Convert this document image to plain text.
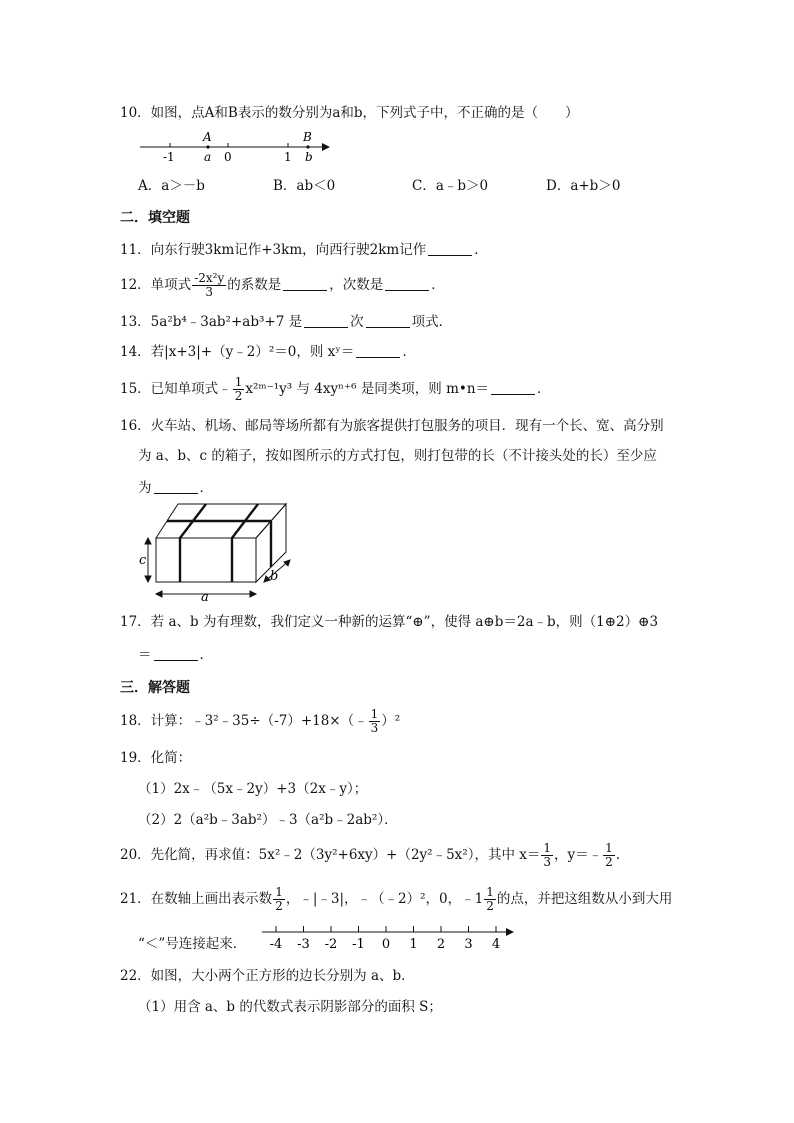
10．如图，点A和B表示的数分别为a和b，下列式子中，不正确的是（　　）
A	B
a	b
-1	0	1
A．a＞－b	B．ab＜0	C．a﹣b＞0	D．a+b＞0
二．填空题
11．向东行驶3km记作+3km，向西行驶2km记作	．
12．单项式 $\frac{\text{-2x²y}}{3}$ 的系数是	，次数是	．
13．5a²b⁴﹣3ab²+ab³+7 是	次	项式．
14．若|x+3|+（y﹣2）²＝0，则 xʸ＝	．
15．已知单项式﹣ $\frac{1}{2}$ x²ᵐ⁻¹y³ 与 4xyⁿ⁺⁶ 是同类项，则 m•n＝	．
16．火车站、机场、邮局等场所都有为旅客提供打包服务的项目．现有一个长、宽、高分别
为 a、b、c 的箱子，按如图所示的方式打包，则打包带的长（不计接头处的长）至少应
为	．
c
a
b
17．若 a、b 为有理数，我们定义一种新的运算“⊕”，使得 a⊕b＝2a﹣b，则（1⊕2）⊕3
＝	．
三．解答题
18．计算：﹣3²﹣35÷（-7）+18×（﹣ $\frac{1}{3} )^2$
19．化简：
（1）2x﹣（5x﹣2y）+3（2x﹣y）；
（2）2（a²b﹣3ab²）﹣3（a²b﹣2ab²）．
20．先化简，再求值：5x²﹣2（3y²+6xy）+（2y²﹣5x²），其中 $x= \frac{1}{3}$ ，y＝﹣ $\frac{1}{2}$ .
21．在数轴上画出表示数 $\frac{1}{2}$ ，﹣|﹣3|，﹣（﹣2）²，0，﹣1 $\frac{1}{2}$ 的点，并把这组数从小到大用
“＜”号连接起来． -4 -3 -2 -1 0 1 2 3 4
22．如图，大小两个正方形的边长分别为 a、b．
（1）用含 a、b 的代数式表示阴影部分的面积 S；
